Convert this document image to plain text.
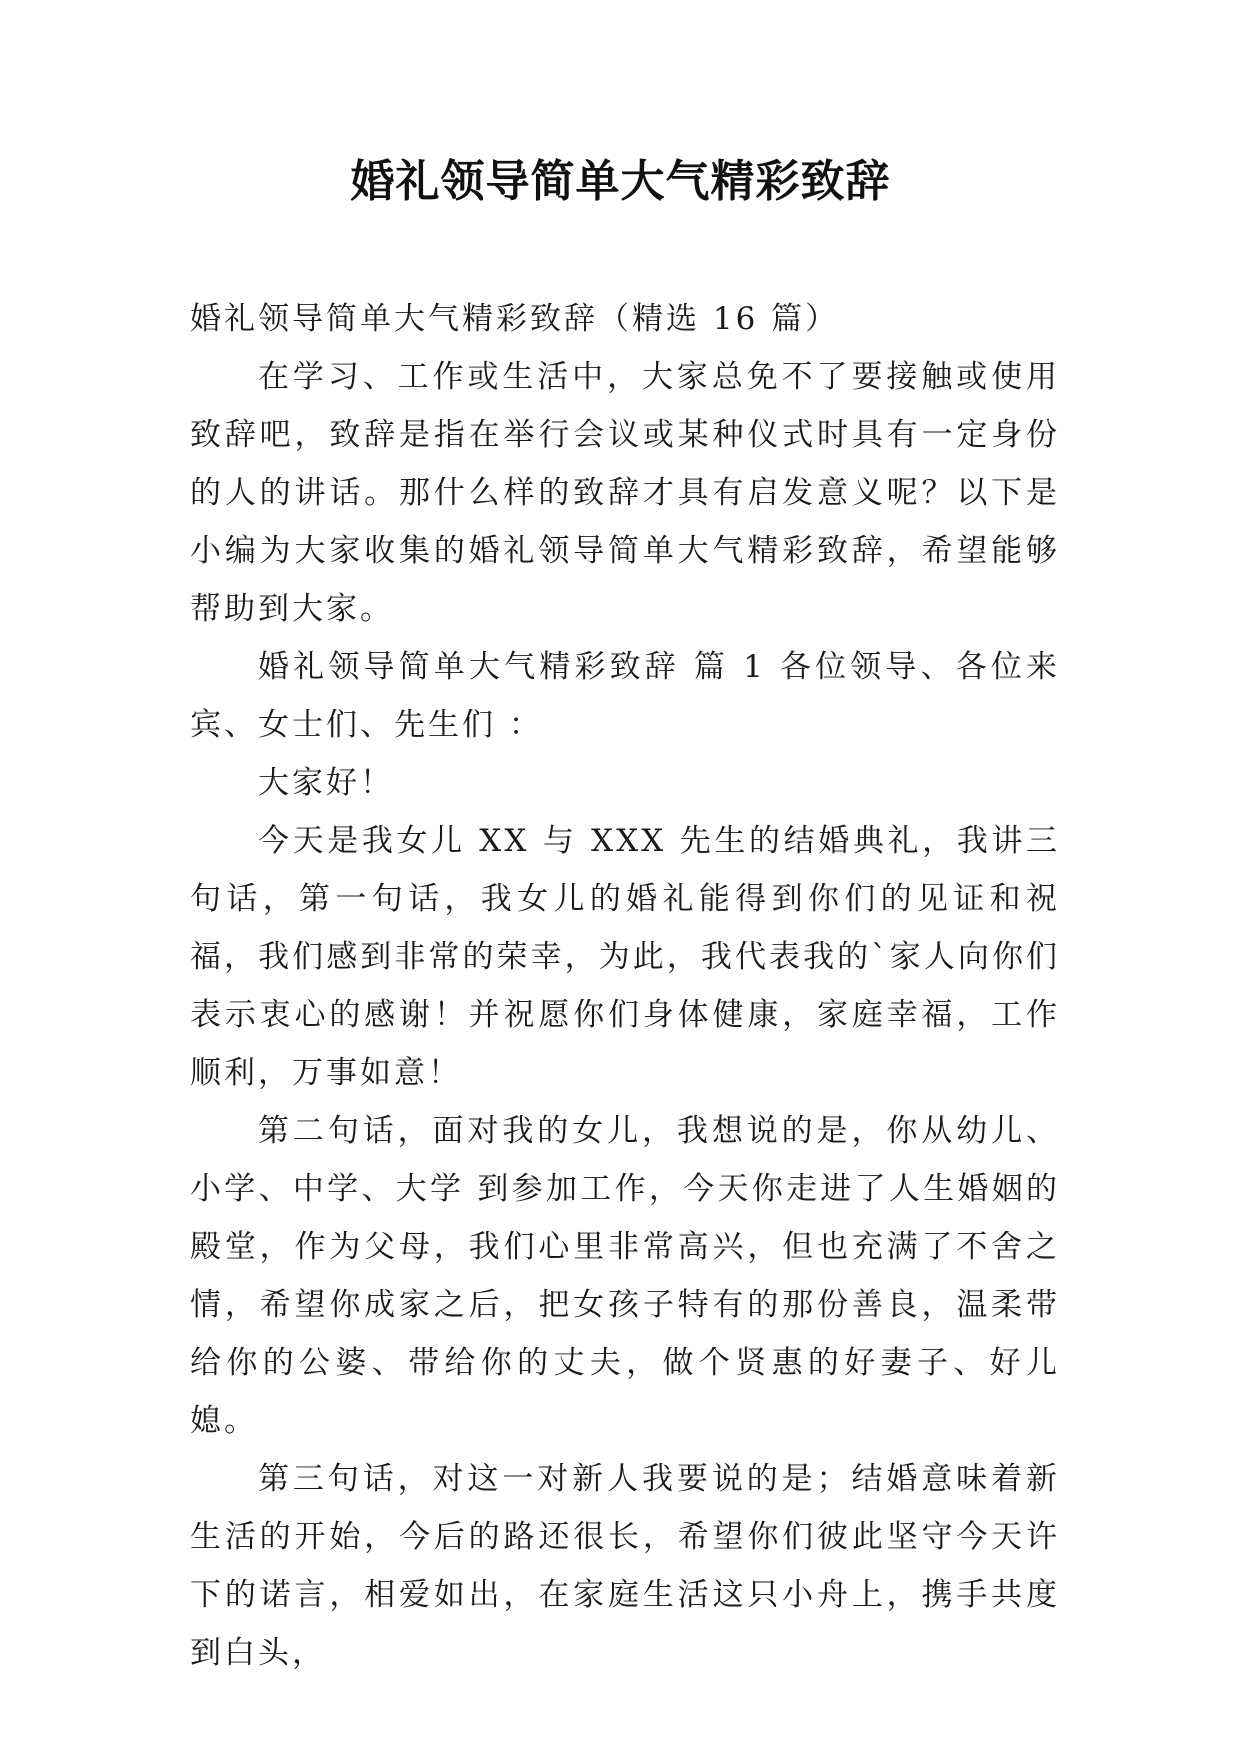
婚礼领导简单大气精彩致辞

婚礼领导简单大气精彩致辞（精选 16 篇）

在学习、工作或生活中，大家总免不了要接触或使用致辞吧，致辞是指在举行会议或某种仪式时具有一定身份的人的讲话。那什么样的致辞才具有启发意义呢？以下是小编为大家收集的婚礼领导简单大气精彩致辞，希望能够帮助到大家。

婚礼领导简单大气精彩致辞 篇 1 各位领导、各位来宾、女士们、先生们 ：

大家好！

今天是我女儿 XX 与 XXX 先生的结婚典礼，我讲三句话，第一句话，我女儿的婚礼能得到你们的见证和祝福，我们感到非常的荣幸，为此，我代表我的`家人向你们表示衷心的感谢！并祝愿你们身体健康，家庭幸福，工作顺利，万事如意！

第二句话，面对我的女儿，我想说的是，你从幼儿、小学、中学、大学 到参加工作，今天你走进了人生婚姻的殿堂，作为父母，我们心里非常高兴，但也充满了不舍之情，希望你成家之后，把女孩子特有的那份善良，温柔带给你的公婆、带给你的丈夫，做个贤惠的好妻子、好儿媳。

第三句话，对这一对新人我要说的是；结婚意味着新生活的开始，今后的路还很长，希望你们彼此坚守今天许下的诺言，相爱如出，在家庭生活这只小舟上，携手共度到白头，
